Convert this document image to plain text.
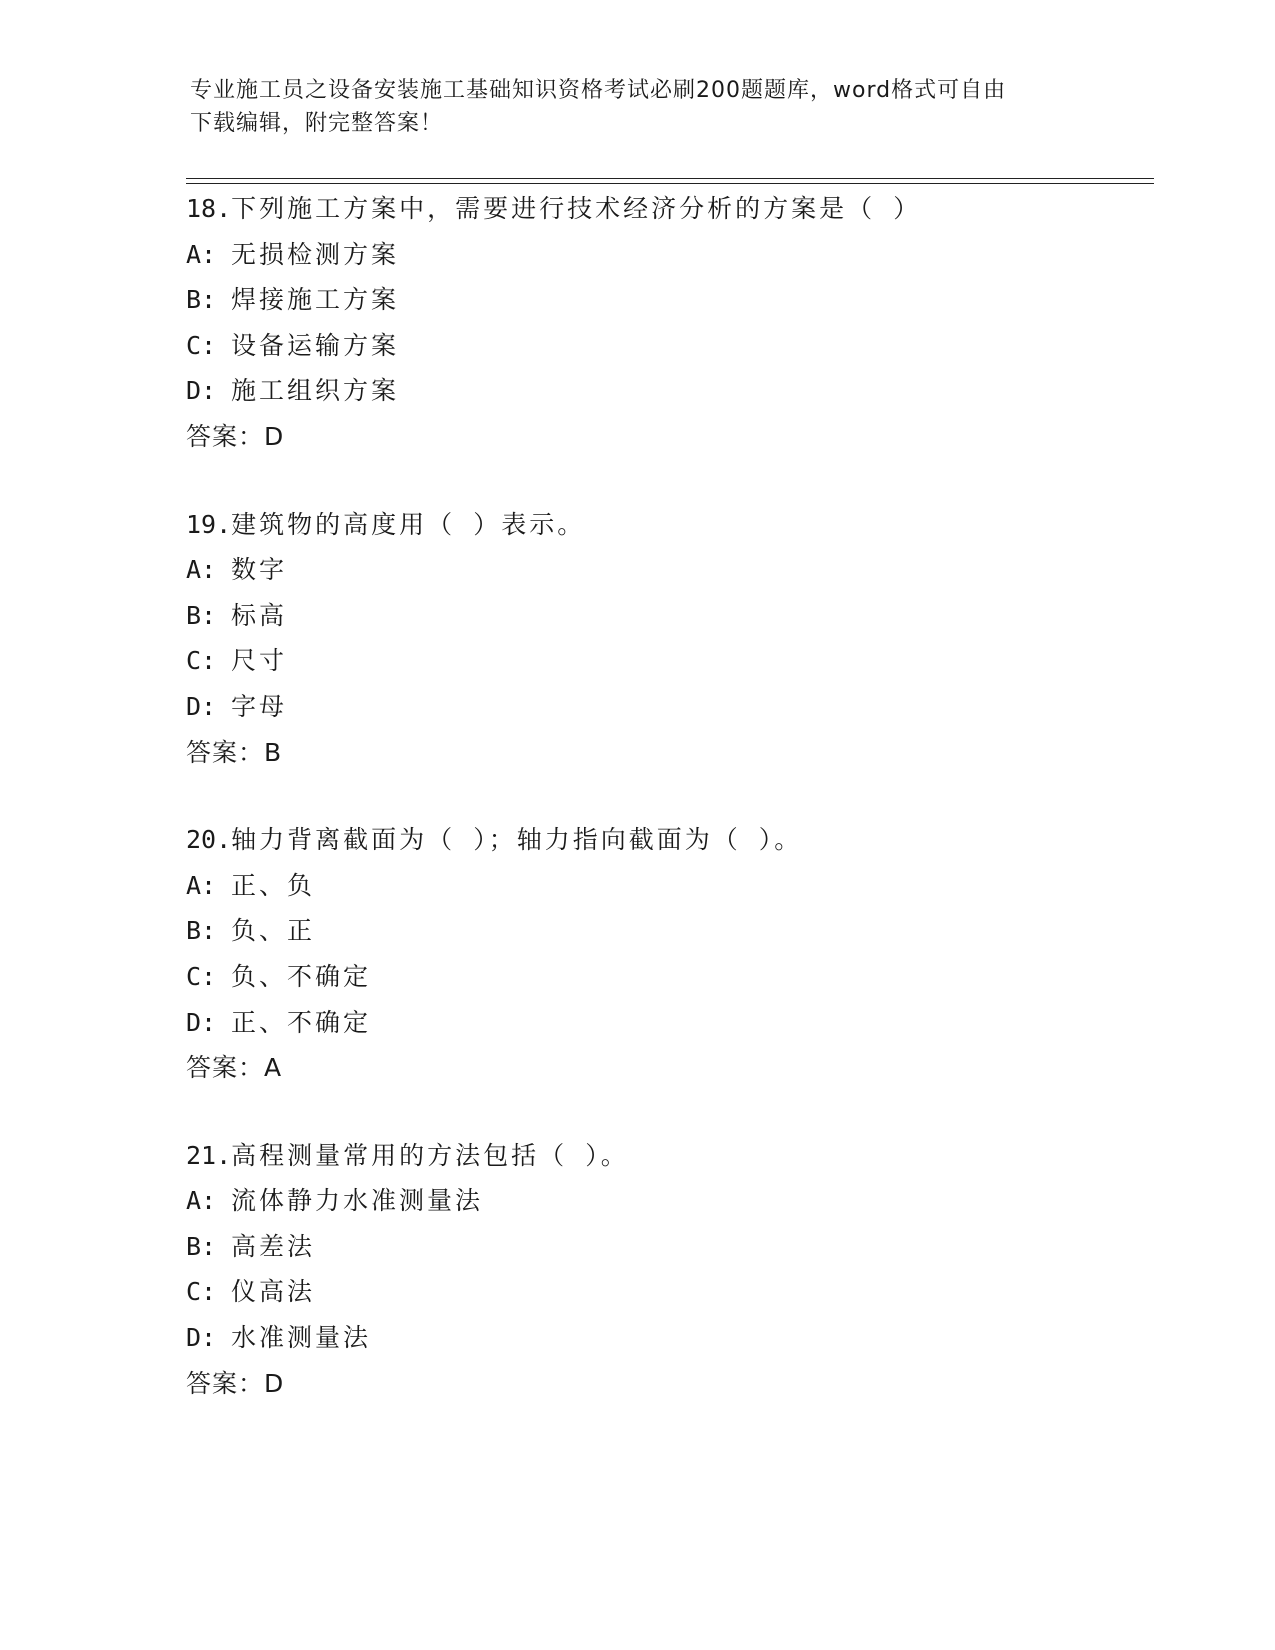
专业施工员之设备安装施工基础知识资格考试必刷200题题库，word格式可自由
下载编辑，附完整答案！
18.下列施工方案中，需要进行技术经济分析的方案是（ ）
A: 无损检测方案
B: 焊接施工方案
C: 设备运输方案
D: 施工组织方案
答案：D
19.建筑物的高度用（ ）表示。
A: 数字
B: 标高
C: 尺寸
D: 字母
答案：B
20.轴力背离截面为（ ）；轴力指向截面为（ ）。
A: 正、负
B: 负、正
C: 负、不确定
D: 正、不确定
答案：A
21.高程测量常用的方法包括（ ）。
A: 流体静力水准测量法
B: 高差法
C: 仪高法
D: 水准测量法
答案：D
